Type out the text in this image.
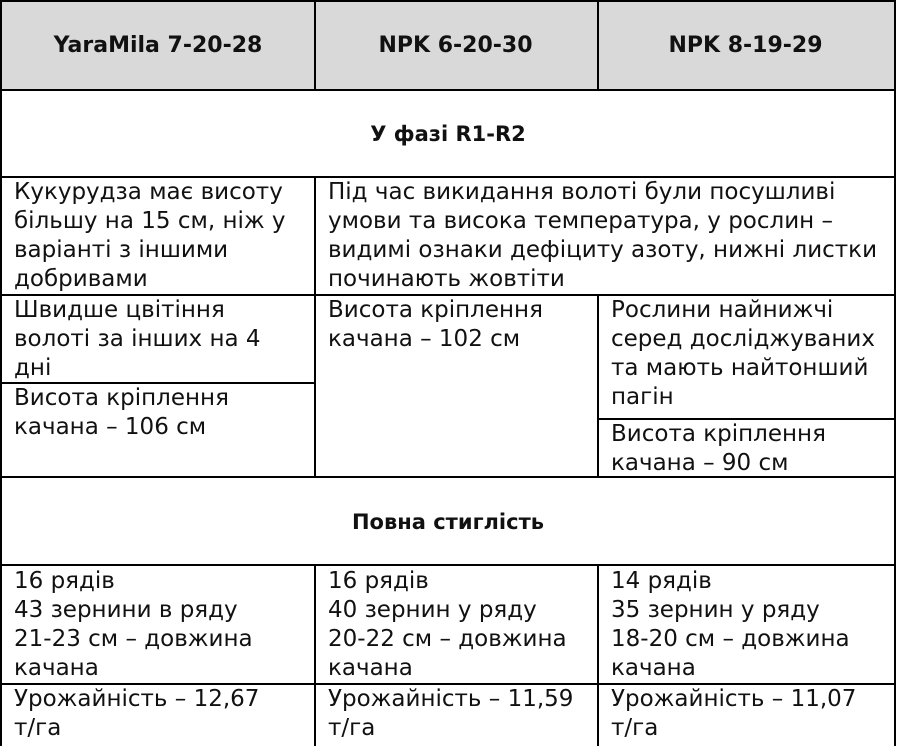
YaraMila 7-20-28	NPK 6-20-30	NPK 8-19-29
У фазі R1-R2
Кукурудза має висоту
більшу на 15 см, ніж у
варіанті з іншими
добривами
Під час викидання волоті були посушливі
умови та висока температура, у рослин –
видимі ознаки дефіциту азоту, нижні листки
починають жовтіти
Швидше цвітіння
волоті за інших на 4
дні
Висота кріплення
качана – 106 см
Висота кріплення
качана – 102 см
Рослини найнижчі
серед досліджуваних
та мають найтонший
пагін
Висота кріплення
качана – 90 см
Повна стиглість
16 рядів
43 зернини в ряду
21-23 см – довжина
качана
16 рядів
40 зернин у ряду
20-22 см – довжина
качана
14 рядів
35 зернин у ряду
18-20 см – довжина
качана
Урожайність – 12,67
т/га
Урожайність – 11,59
т/га
Урожайність – 11,07
т/га
